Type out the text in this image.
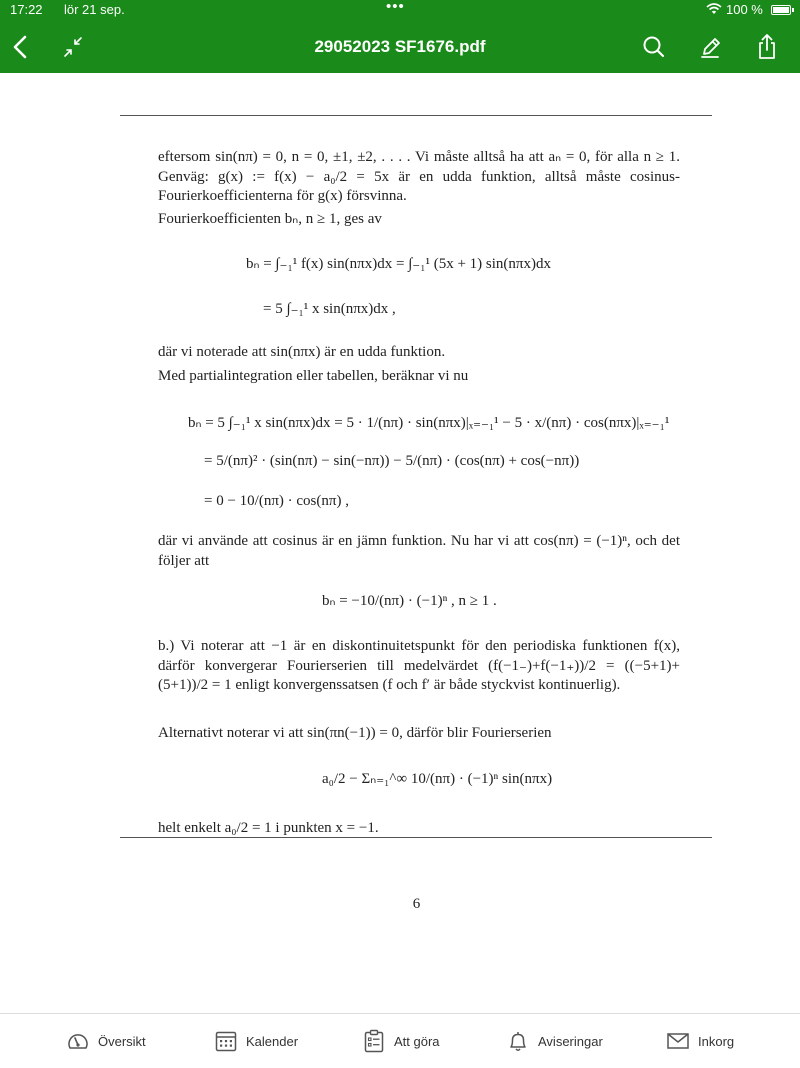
17:22 lör 21 sep.	•••	100 %
29052023 SF1676.pdf
eftersom sin(nπ) = 0, n = 0, ±1, ±2, . . . . Vi måste alltså ha att aₙ = 0, för alla n ≥ 1. Genväg: g(x) := f(x) − a₀/2 = 5x är en udda funktion, alltså måste cosinus-Fourierkoefficienterna för g(x) försvinna.
Fourierkoefficienten bₙ, n ≥ 1, ges av
bₙ = ∫₋₁¹ f(x) sin(nπx)dx = ∫₋₁¹ (5x + 1) sin(nπx)dx
= 5 ∫₋₁¹ x sin(nπx)dx ,
där vi noterade att sin(nπx) är en udda funktion.
Med partialintegration eller tabellen, beräknar vi nu
bₙ = 5 ∫₋₁¹ x sin(nπx)dx = 5 · 1/(nπ) · sin(nπx)|ₓ₌₋₁¹ − 5 · x/(nπ) · cos(nπx)|ₓ₌₋₁¹
= 5/(nπ)² · (sin(nπ) − sin(−nπ)) − 5/(nπ) · (cos(nπ) + cos(−nπ))
= 0 − 10/(nπ) · cos(nπ) ,
där vi använde att cosinus är en jämn funktion. Nu har vi att cos(nπ) = (−1)ⁿ, och det följer att
bₙ = −10/(nπ) · (−1)ⁿ , n ≥ 1 .
b.) Vi noterar att −1 är en diskontinuitetspunkt för den periodiska funktionen f(x), därför konvergerar Fourierserien till medelvärdet (f(−1₋)+f(−1₊))/2 = ((−5+1)+(5+1))/2 = 1 enligt konvergenssatsen (f och f′ är både styckvist kontinuerlig).
Alternativt noterar vi att sin(πn(−1)) = 0, därför blir Fourierserien
a₀/2 − Σₙ₌₁^∞ 10/(nπ) · (−1)ⁿ sin(nπx)
helt enkelt a₀/2 = 1 i punkten x = −1.
6
Översikt	Kalender	Att göra	Aviseringar	Inkorg
